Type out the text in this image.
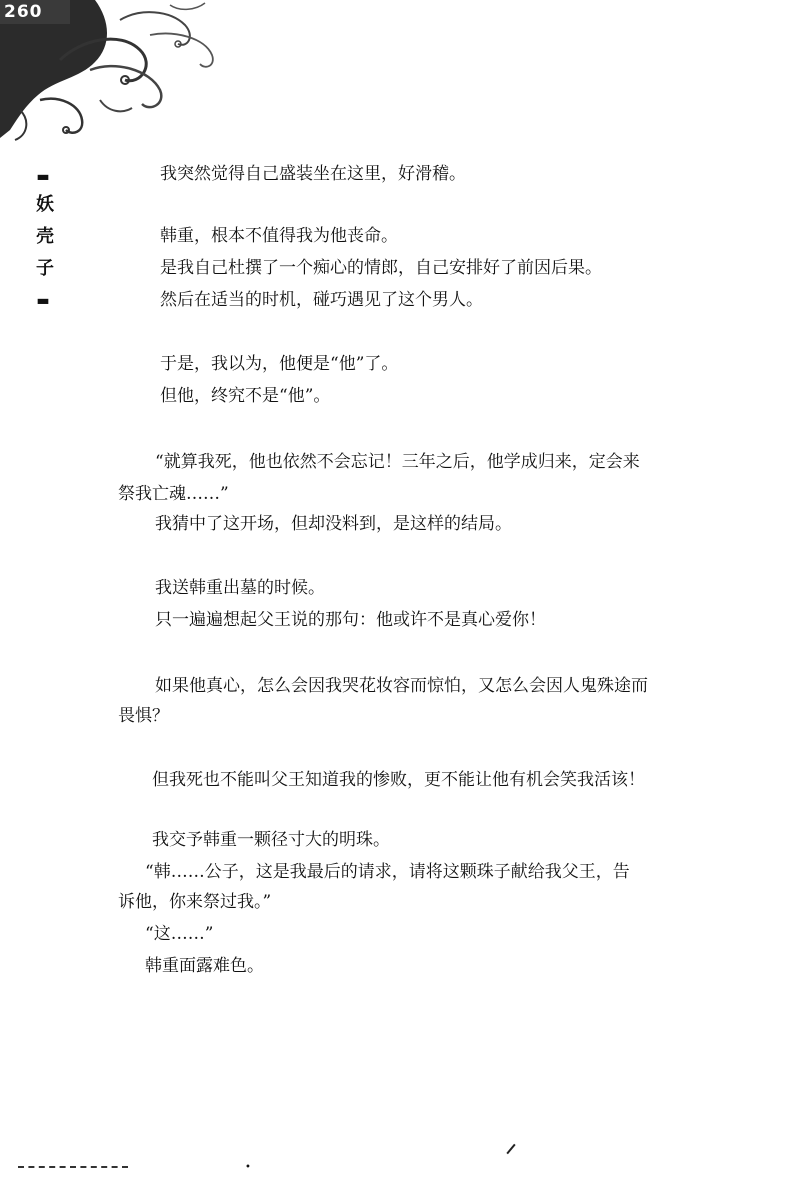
260
▬
妖壳子
▬
我突然觉得自己盛装坐在这里，好滑稽。
韩重，根本不值得我为他丧命。
是我自己杜撰了一个痴心的情郎，自己安排好了前因后果。
然后在适当的时机，碰巧遇见了这个男人。
于是，我以为，他便是“他”了。
但他，终究不是“他”。
“就算我死，他也依然不会忘记！三年之后，他学成归来，定会来
祭我亡魂……”
我猜中了这开场，但却没料到，是这样的结局。
我送韩重出墓的时候。
只一遍遍想起父王说的那句：他或许不是真心爱你！
如果他真心，怎么会因我哭花妆容而惊怕，又怎么会因人鬼殊途而
畏惧？
但我死也不能叫父王知道我的惨败，更不能让他有机会笑我活该！
我交予韩重一颗径寸大的明珠。
“韩……公子，这是我最后的请求，请将这颗珠子献给我父王，告
诉他，你来祭过我。”
“这……”
韩重面露难色。
•
